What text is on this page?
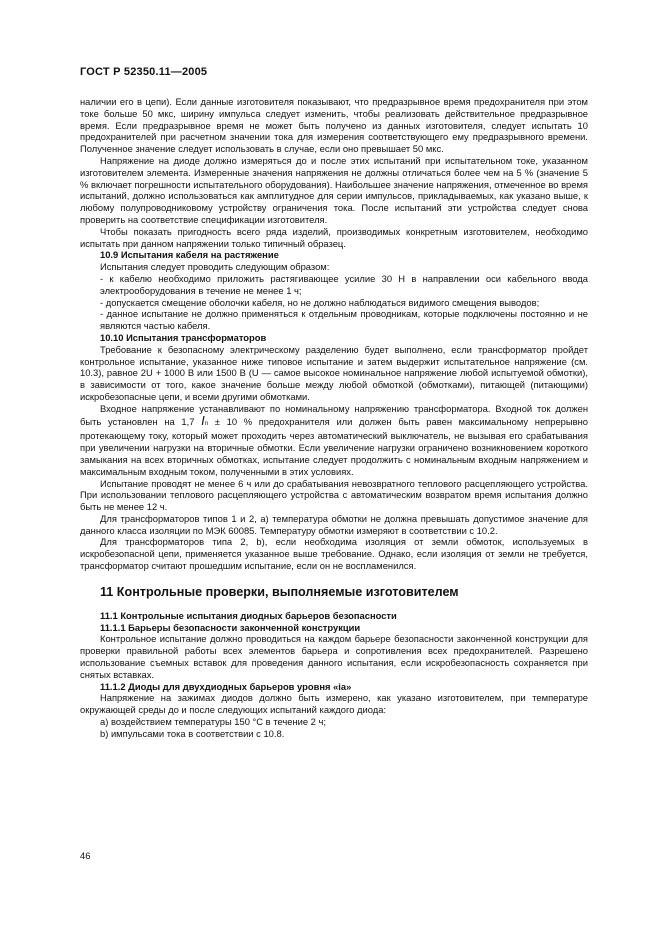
ГОСТ Р 52350.11—2005

наличии его в цепи). Если данные изготовителя показывают, что предразрывное время предохранителя при этом токе больше 50 мкс, ширину импульса следует изменить, чтобы реализовать действительное предразрывное время. Если предразрывное время не может быть получено из данных изготовителя, следует испытать 10 предохранителей при расчетном значении тока для измерения соответствующего ему предразрывного времени. Полученное значение следует использовать в случае, если оно превышает 50 мкс.

Напряжение на диоде должно измеряться до и после этих испытаний при испытательном токе, указанном изготовителем элемента. Измеренные значения напряжения не должны отличаться более чем на 5 % (значение 5 % включает погрешности испытательного оборудования). Наибольшее значение напряжения, отмеченное во время испытаний, должно использоваться как амплитудное для серии импульсов, прикладываемых, как указано выше, к любому полупроводниковому устройству ограничения тока. После испытаний эти устройства следует снова проверить на соответствие спецификации изготовителя.

Чтобы показать пригодность всего ряда изделий, производимых конкретным изготовителем, необходимо испытать при данном напряжении только типичный образец.

10.9 Испытания кабеля на растяжение

Испытания следует проводить следующим образом:

- к кабелю необходимо приложить растягивающее усилие 30 Н в направлении оси кабельного ввода электрооборудования в течение не менее 1 ч;

- допускается смещение оболочки кабеля, но не должно наблюдаться видимого смещения выводов;

- данное испытание не должно применяться к отдельным проводникам, которые подключены постоянно и не являются частью кабеля.

10.10 Испытания трансформаторов

Требование к безопасному электрическому разделению будет выполнено, если трансформатор пройдет контрольное испытание, указанное ниже типовое испытание и затем выдержит испытательное напряжение (см. 10.3), равное 2U + 1000 В или 1500 В (U — самое высокое номинальное напряжение любой испытуемой обмотки), в зависимости от того, какое значение больше между любой обмоткой (обмотками), питающей (питающими) искробезопасные цепи, и всеми другими обмотками.

Входное напряжение устанавливают по номинальному напряжению трансформатора. Входной ток должен быть установлен на 1,7 In ± 10 % предохранителя или должен быть равен максимальному непрерывно протекающему току, который может проходить через автоматический выключатель, не вызывая его срабатывания при увеличении нагрузки на вторичные обмотки. Если увеличение нагрузки ограничено возникновением короткого замыкания на всех вторичных обмотках, испытание следует продолжить с номинальным входным напряжением и максимальным входным током, полученными в этих условиях.

Испытание проводят не менее 6 ч или до срабатывания невозвратного теплового расцепляющего устройства. При использовании теплового расцепляющего устройства с автоматическим возвратом время испытания должно быть не менее 12 ч.

Для трансформаторов типов 1 и 2, а) температура обмотки не должна превышать допустимое значение для данного класса изоляции по МЭК 60085. Температуру обмотки измеряют в соответствии с 10.2.

Для трансформаторов типа 2, b), если необходима изоляция от земли обмоток, используемых в искробезопасной цепи, применяется указанное выше требование. Однако, если изоляция от земли не требуется, трансформатор считают прошедшим испытание, если он не воспламенился.

11 Контрольные проверки, выполняемые изготовителем

11.1 Контрольные испытания диодных барьеров безопасности

11.1.1 Барьеры безопасности законченной конструкции

Контрольное испытание должно проводиться на каждом барьере безопасности законченной конструкции для проверки правильной работы всех элементов барьера и сопротивления всех предохранителей. Разрешено использование съемных вставок для проведения данного испытания, если искробезопасность сохраняется при снятых вставках.

11.1.2 Диоды для двухдиодных барьеров уровня «ia»

Напряжение на зажимах диодов должно быть измерено, как указано изготовителем, при температуре окружающей среды до и после следующих испытаний каждого диода:

а) воздействием температуры 150 °С в течение 2 ч;

b) импульсами тока в соответствии с 10.8.

46
